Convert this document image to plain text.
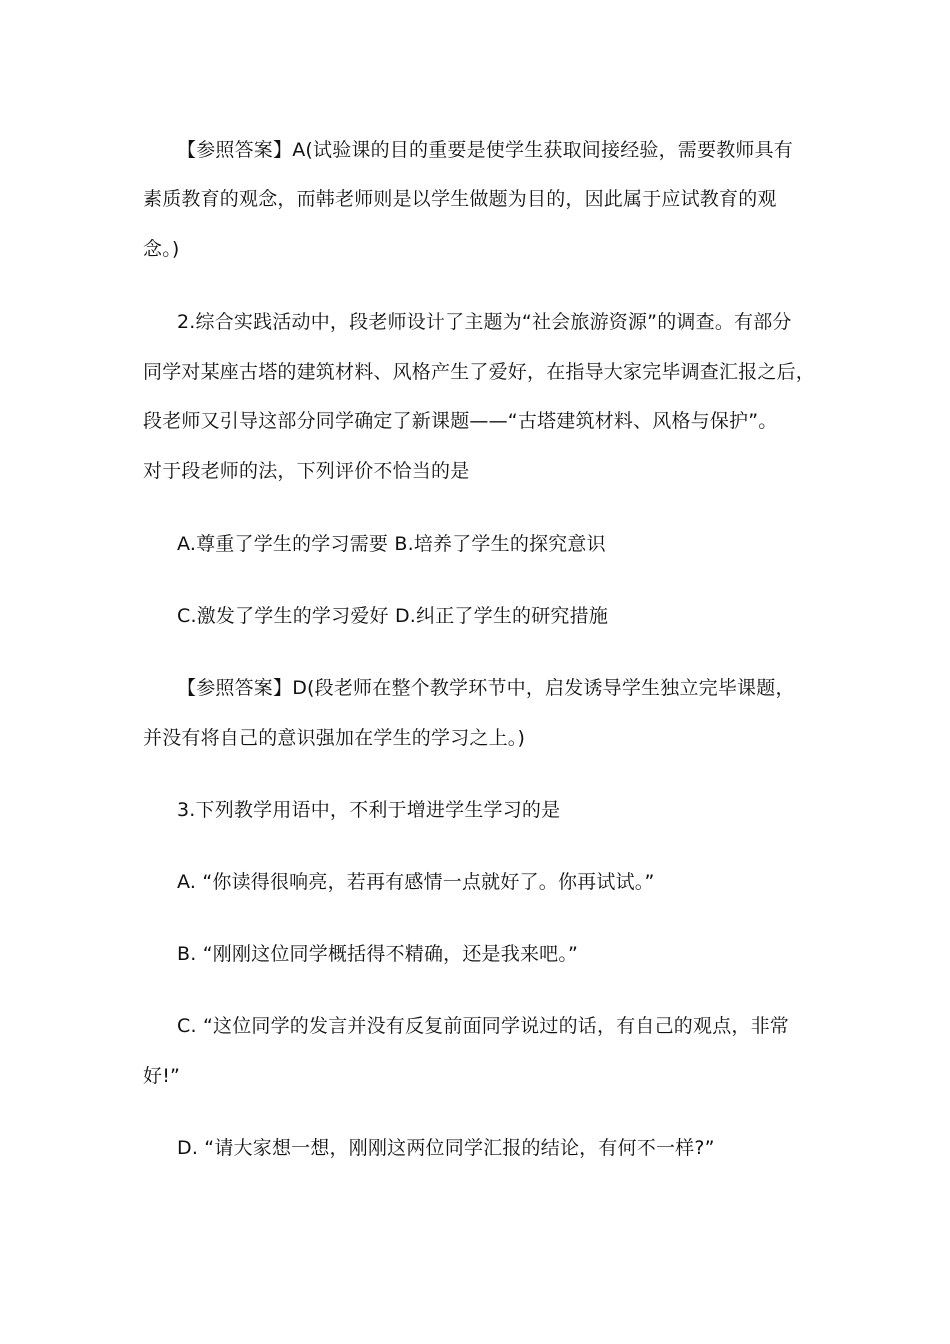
【参照答案】A(试验课的目的重要是使学生获取间接经验，需要教师具有
素质教育的观念，而韩老师则是以学生做题为目的，因此属于应试教育的观
念。)
2.综合实践活动中，段老师设计了主题为“社会旅游资源”的调查。有部分
同学对某座古塔的建筑材料、风格产生了爱好，在指导大家完毕调查汇报之后，
段老师又引导这部分同学确定了新课题——“古塔建筑材料、风格与保护”。
对于段老师的法，下列评价不恰当的是
A.尊重了学生的学习需要 B.培养了学生的探究意识
C.激发了学生的学习爱好 D.纠正了学生的研究措施
【参照答案】D(段老师在整个教学环节中，启发诱导学生独立完毕课题，
并没有将自己的意识强加在学生的学习之上。)
3.下列教学用语中，不利于增进学生学习的是
A. “你读得很响亮，若再有感情一点就好了。你再试试。”
B. “刚刚这位同学概括得不精确，还是我来吧。”
C. “这位同学的发言并没有反复前面同学说过的话，有自己的观点，非常
好!”
D. “请大家想一想，刚刚这两位同学汇报的结论，有何不一样?”
